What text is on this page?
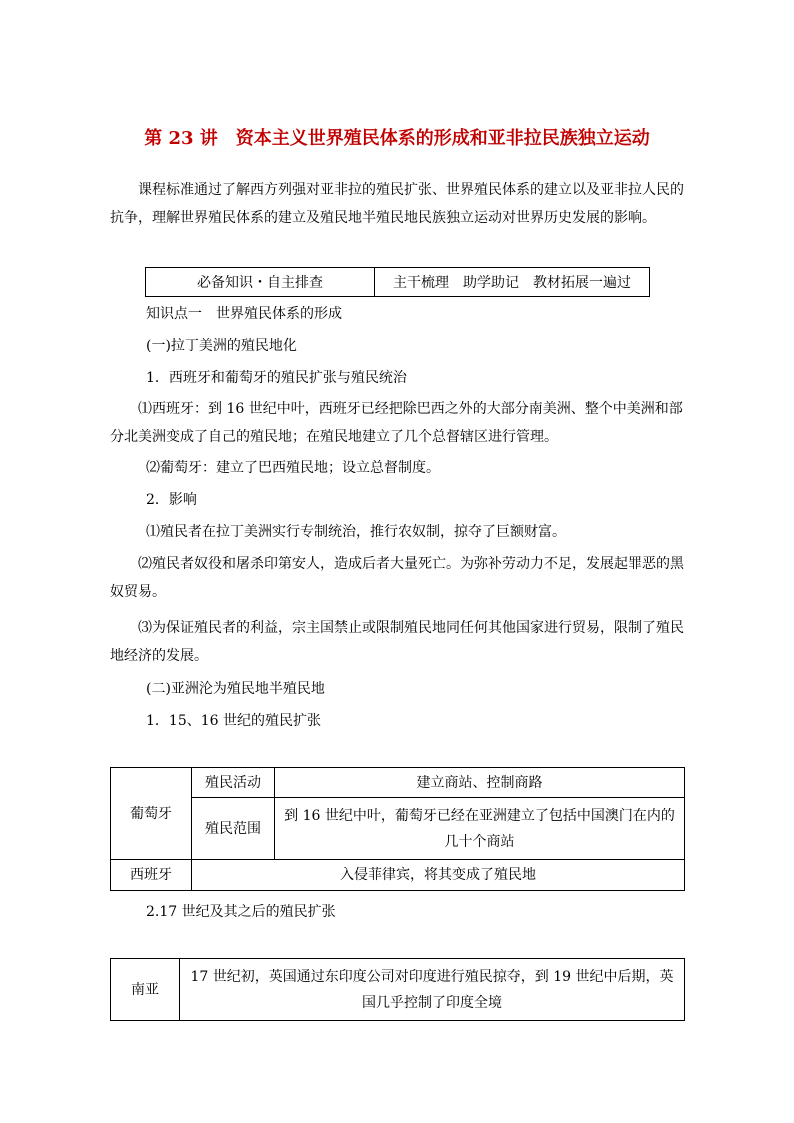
第 23 讲　资本主义世界殖民体系的形成和亚非拉民族独立运动
课程标准通过了解西方列强对亚非拉的殖民扩张、世界殖民体系的建立以及亚非拉人民的抗争，理解世界殖民体系的建立及殖民地半殖民地民族独立运动对世界历史发展的影响。
必备知识・自主排查	主干梳理　助学助记　教材拓展一遍过
知识点一　世界殖民体系的形成
(一)拉丁美洲的殖民地化
1．西班牙和葡萄牙的殖民扩张与殖民统治
⑴西班牙：到 16 世纪中叶，西班牙已经把除巴西之外的大部分南美洲、整个中美洲和部分北美洲变成了自己的殖民地；在殖民地建立了几个总督辖区进行管理。
⑵葡萄牙：建立了巴西殖民地；设立总督制度。
2．影响
⑴殖民者在拉丁美洲实行专制统治，推行农奴制，掠夺了巨额财富。
⑵殖民者奴役和屠杀印第安人，造成后者大量死亡。为弥补劳动力不足，发展起罪恶的黑奴贸易。
⑶为保证殖民者的利益，宗主国禁止或限制殖民地同任何其他国家进行贸易，限制了殖民地经济的发展。
(二)亚洲沦为殖民地半殖民地
1．15、16 世纪的殖民扩张
葡萄牙	殖民活动	建立商站、控制商路
	殖民范围	到 16 世纪中叶，葡萄牙已经在亚洲建立了包括中国澳门在内的几十个商站
西班牙	入侵菲律宾，将其变成了殖民地	
2.17 世纪及其之后的殖民扩张
南亚	17 世纪初，英国通过东印度公司对印度进行殖民掠夺，到 19 世纪中后期，英国几乎控制了印度全境
